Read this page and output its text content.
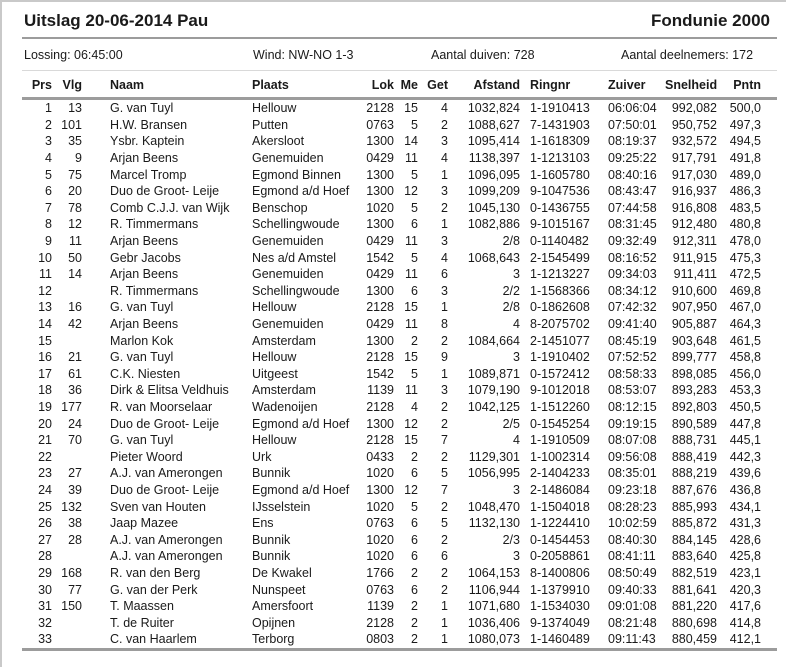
Uitslag 20-06-2014 Pau	Fondunie 2000
Lossing: 06:45:00	Wind: NW-NO 1-3	Aantal duiven: 728	Aantal deelnemers: 172
Prs	Vlg	Naam	Plaats	Lok	Me	Get	Afstand	Ringnr	Zuiver	Snelheid	Pntn
1	13	G. van Tuyl	Hellouw	2128	15	4	1032,824	1-1910413	06:06:04	992,082	500,0
2	101	H.W. Bransen	Putten	0763	5	2	1088,627	7-1431903	07:50:01	950,752	497,3
3	35	Ysbr. Kaptein	Akersloot	1300	14	3	1095,414	1-1618309	08:19:37	932,572	494,5
4	9	Arjan Beens	Genemuiden	0429	11	4	1138,397	1-1213103	09:25:22	917,791	491,8
5	75	Marcel Tromp	Egmond Binnen	1300	5	1	1096,095	1-1605780	08:40:16	917,030	489,0
6	20	Duo de Groot- Leije	Egmond a/d Hoef	1300	12	3	1099,209	9-1047536	08:43:47	916,937	486,3
7	78	Comb C.J.J. van Wijk	Benschop	1020	5	2	1045,130	0-1436755	07:44:58	916,808	483,5
8	12	R. Timmermans	Schellingwoude	1300	6	1	1082,886	9-1015167	08:31:45	912,480	480,8
9	11	Arjan Beens	Genemuiden	0429	11	3	2/8	0-1140482	09:32:49	912,311	478,0
10	50	Gebr Jacobs	Nes a/d Amstel	1542	5	4	1068,643	2-1545499	08:16:52	911,915	475,3
11	14	Arjan Beens	Genemuiden	0429	11	6	3	1-1213227	09:34:03	911,411	472,5
12		R. Timmermans	Schellingwoude	1300	6	3	2/2	1-1568366	08:34:12	910,600	469,8
13	16	G. van Tuyl	Hellouw	2128	15	1	2/8	0-1862608	07:42:32	907,950	467,0
14	42	Arjan Beens	Genemuiden	0429	11	8	4	8-2075702	09:41:40	905,887	464,3
15		Marlon Kok	Amsterdam	1300	2	2	1084,664	2-1451077	08:45:19	903,648	461,5
16	21	G. van Tuyl	Hellouw	2128	15	9	3	1-1910402	07:52:52	899,777	458,8
17	61	C.K. Niesten	Uitgeest	1542	5	1	1089,871	0-1572412	08:58:33	898,085	456,0
18	36	Dirk & Elitsa Veldhuis	Amsterdam	1139	11	3	1079,190	9-1012018	08:53:07	893,283	453,3
19	177	R. van Moorselaar	Wadenoijen	2128	4	2	1042,125	1-1512260	08:12:15	892,803	450,5
20	24	Duo de Groot- Leije	Egmond a/d Hoef	1300	12	2	2/5	0-1545254	09:19:15	890,589	447,8
21	70	G. van Tuyl	Hellouw	2128	15	7	4	1-1910509	08:07:08	888,731	445,1
22		Pieter Woord	Urk	0433	2	2	1129,301	1-1002314	09:56:08	888,419	442,3
23	27	A.J. van Amerongen	Bunnik	1020	6	5	1056,995	2-1404233	08:35:01	888,219	439,6
24	39	Duo de Groot- Leije	Egmond a/d Hoef	1300	12	7	3	2-1486084	09:23:18	887,676	436,8
25	132	Sven van Houten	IJsselstein	1020	5	2	1048,470	1-1504018	08:28:23	885,993	434,1
26	38	Jaap Mazee	Ens	0763	6	5	1132,130	1-1224410	10:02:59	885,872	431,3
27	28	A.J. van Amerongen	Bunnik	1020	6	2	2/3	0-1454453	08:40:30	884,145	428,6
28		A.J. van Amerongen	Bunnik	1020	6	6	3	0-2058861	08:41:11	883,640	425,8
29	168	R. van den Berg	De Kwakel	1766	2	2	1064,153	8-1400806	08:50:49	882,519	423,1
30	77	G. van der Perk	Nunspeet	0763	6	2	1106,944	1-1379910	09:40:33	881,641	420,3
31	150	T. Maassen	Amersfoort	1139	2	1	1071,680	1-1534030	09:01:08	881,220	417,6
32		T. de Ruiter	Opijnen	2128	2	1	1036,406	9-1374049	08:21:48	880,698	414,8
33		C. van Haarlem	Terborg	0803	2	1	1080,073	1-1460489	09:11:43	880,459	412,1
